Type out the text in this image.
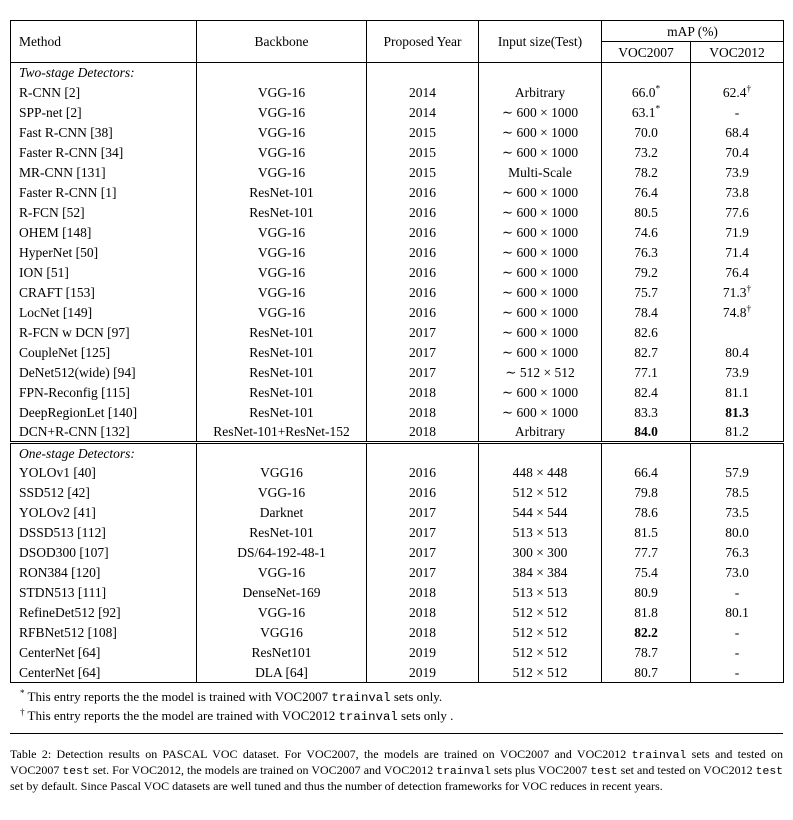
Method	Backbone	Proposed Year	Input size(Test)	mAP (%)	
				VOC2007	VOC2012
Two-stage Detectors:					
R-CNN [2]	VGG-16	2014	Arbitrary	66.0*	62.4†
SPP-net [2]	VGG-16	2014	∼ 600 × 1000	63.1*	-
Fast R-CNN [38]	VGG-16	2015	∼ 600 × 1000	70.0	68.4
Faster R-CNN [34]	VGG-16	2015	∼ 600 × 1000	73.2	70.4
MR-CNN [131]	VGG-16	2015	Multi-Scale	78.2	73.9
Faster R-CNN [1]	ResNet-101	2016	∼ 600 × 1000	76.4	73.8
R-FCN [52]	ResNet-101	2016	∼ 600 × 1000	80.5	77.6
OHEM [148]	VGG-16	2016	∼ 600 × 1000	74.6	71.9
HyperNet [50]	VGG-16	2016	∼ 600 × 1000	76.3	71.4
ION [51]	VGG-16	2016	∼ 600 × 1000	79.2	76.4
CRAFT [153]	VGG-16	2016	∼ 600 × 1000	75.7	71.3†
LocNet [149]	VGG-16	2016	∼ 600 × 1000	78.4	74.8†
R-FCN w DCN [97]	ResNet-101	2017	∼ 600 × 1000	82.6	
CoupleNet [125]	ResNet-101	2017	∼ 600 × 1000	82.7	80.4
DeNet512(wide) [94]	ResNet-101	2017	∼ 512 × 512	77.1	73.9
FPN-Reconfig [115]	ResNet-101	2018	∼ 600 × 1000	82.4	81.1
DeepRegionLet [140]	ResNet-101	2018	∼ 600 × 1000	83.3	81.3
DCN+R-CNN [132]	ResNet-101+ResNet-152	2018	Arbitrary	84.0	81.2
One-stage Detectors:					
YOLOv1 [40]	VGG16	2016	448 × 448	66.4	57.9
SSD512 [42]	VGG-16	2016	512 × 512	79.8	78.5
YOLOv2 [41]	Darknet	2017	544 × 544	78.6	73.5
DSSD513 [112]	ResNet-101	2017	513 × 513	81.5	80.0
DSOD300 [107]	DS/64-192-48-1	2017	300 × 300	77.7	76.3
RON384 [120]	VGG-16	2017	384 × 384	75.4	73.0
STDN513 [111]	DenseNet-169	2018	513 × 513	80.9	-
RefineDet512 [92]	VGG-16	2018	512 × 512	81.8	80.1
RFBNet512 [108]	VGG16	2018	512 × 512	82.2	-
CenterNet [64]	ResNet101	2019	512 × 512	78.7	-
CenterNet [64]	DLA [64]	2019	512 × 512	80.7	-
* This entry reports the the model is trained with VOC2007 trainval sets only.
† This entry reports the the model are trained with VOC2012 trainval sets only .
Table 2: Detection results on PASCAL VOC dataset. For VOC2007, the models are trained on VOC2007 and VOC2012 trainval sets and tested on VOC2007 test set. For VOC2012, the models are trained on VOC2007 and VOC2012 trainval sets plus VOC2007 test set and tested on VOC2012 test set by default. Since Pascal VOC datasets are well tuned and thus the number of detection frameworks for VOC reduces in recent years.
